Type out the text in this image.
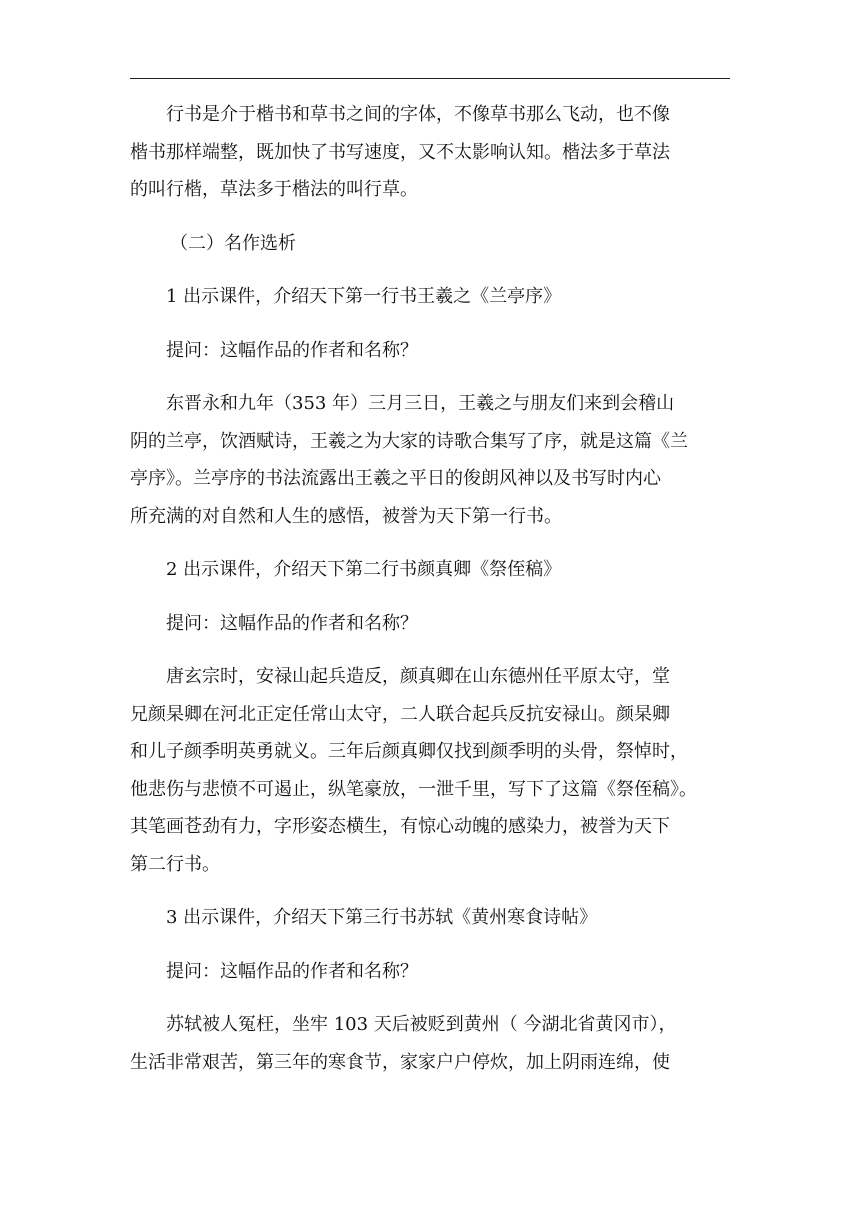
行书是介于楷书和草书之间的字体，不像草书那么飞动，也不像
楷书那样端整，既加快了书写速度，又不太影响认知。楷法多于草法
的叫行楷，草法多于楷法的叫行草。

（二）名作选析

1 出示课件，介绍天下第一行书王羲之《兰亭序》

提问：这幅作品的作者和名称？

东晋永和九年（353 年）三月三日，王羲之与朋友们来到会稽山
阴的兰亭，饮酒赋诗，王羲之为大家的诗歌合集写了序，就是这篇《兰
亭序》。兰亭序的书法流露出王羲之平日的俊朗风神以及书写时内心
所充满的对自然和人生的感悟，被誉为天下第一行书。

2 出示课件，介绍天下第二行书颜真卿《祭侄稿》

提问：这幅作品的作者和名称？

唐玄宗时，安禄山起兵造反，颜真卿在山东德州任平原太守，堂
兄颜杲卿在河北正定任常山太守，二人联合起兵反抗安禄山。颜杲卿
和儿子颜季明英勇就义。三年后颜真卿仅找到颜季明的头骨，祭悼时，
他悲伤与悲愤不可遏止，纵笔豪放，一泄千里，写下了这篇《祭侄稿》。
其笔画苍劲有力，字形姿态横生，有惊心动魄的感染力，被誉为天下
第二行书。

3 出示课件，介绍天下第三行书苏轼《黄州寒食诗帖》

提问：这幅作品的作者和名称？

苏轼被人冤枉，坐牢 103 天后被贬到黄州（ 今湖北省黄冈市），
生活非常艰苦，第三年的寒食节，家家户户停炊，加上阴雨连绵，使
